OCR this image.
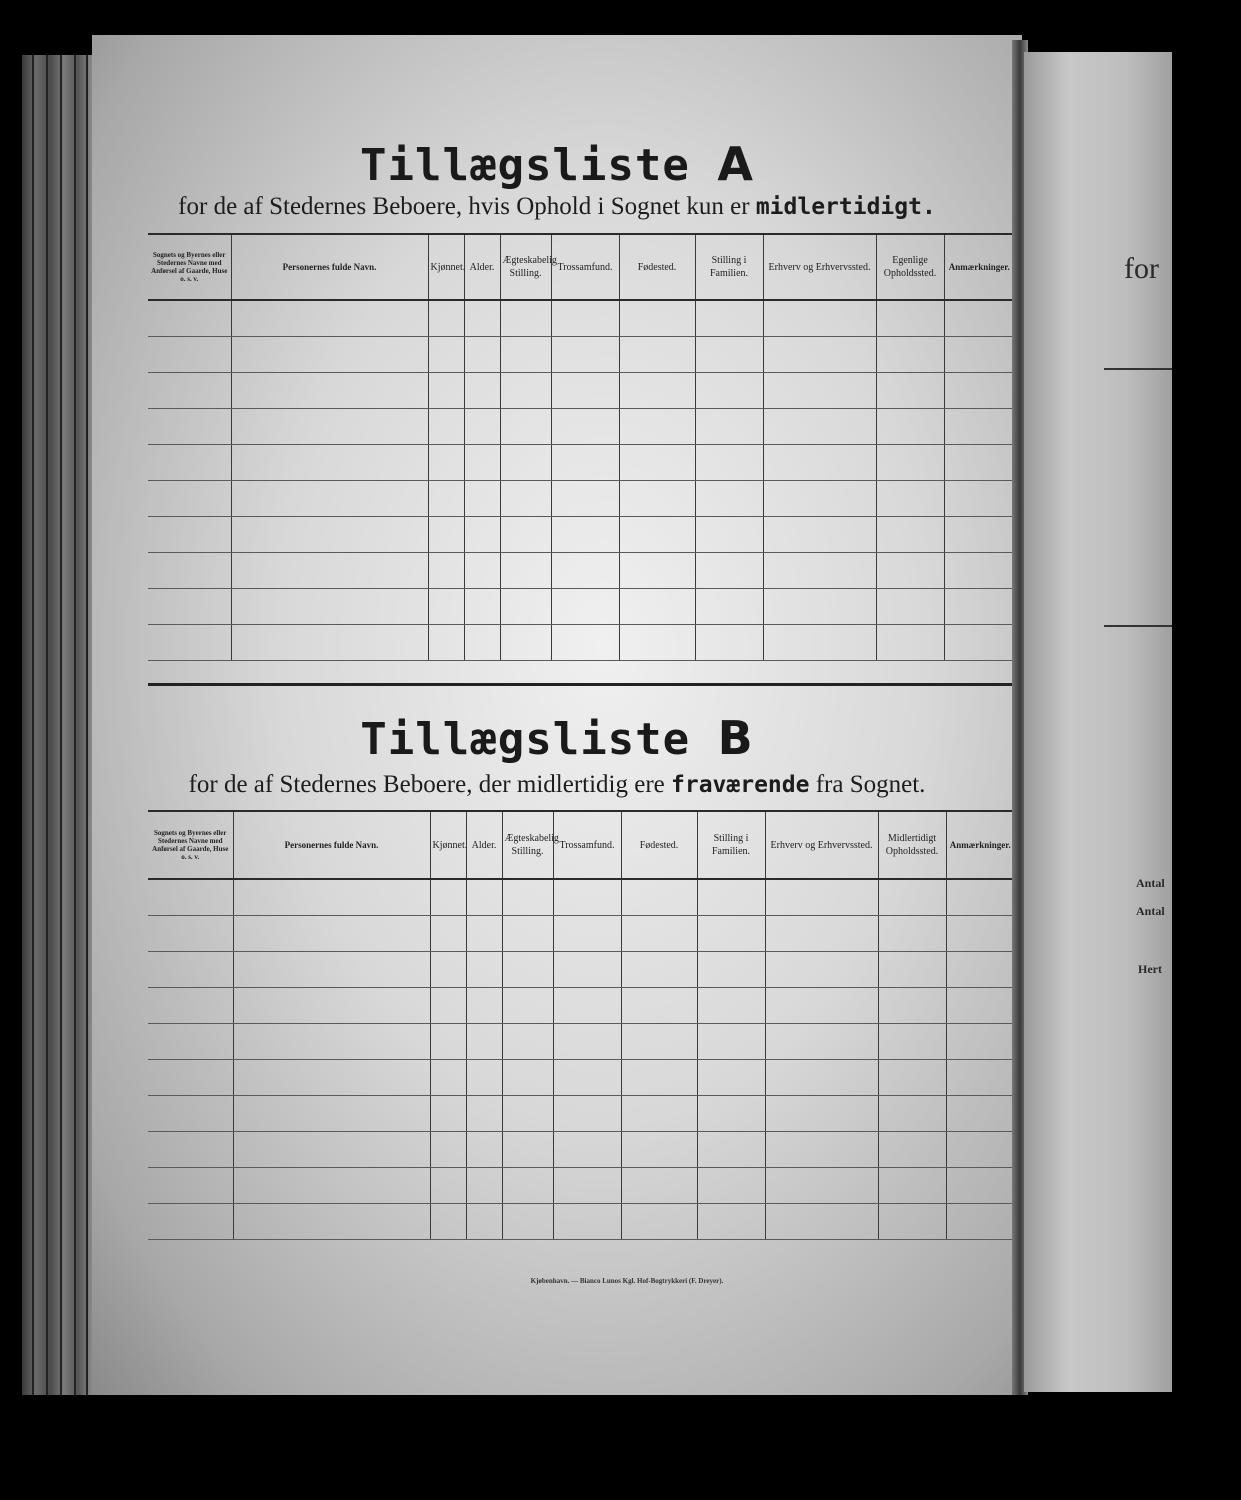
Tillægsliste A
for de af Stedernes Beboere, hvis Ophold i Sognet kun er midlertidigt.
Sognets og Byernes eller Stedernes Navne med Anførsel af Gaarde, Huse o. s. v.	Personernes fulde Navn.	Kjønnet.	Alder.	Ægteskabelig Stilling.	Trossamfund.	Fødested.	Stilling i Familien.	Erhverv og Erhvervssted.	Egenlige Opholdssted.	Anmærkninger.

Tillægsliste B
for de af Stedernes Beboere, der midlertidig ere fraværende fra Sognet.
Sognets og Byernes eller Stedernes Navne med Anførsel af Gaarde, Huse o. s. v.	Personernes fulde Navn.	Kjønnet.	Alder.	Ægteskabelig Stilling.	Trossamfund.	Fødested.	Stilling i Familien.	Erhverv og Erhvervssted.	Midlertidigt Opholdssted.	Anmærkninger.

Kjøbenhavn. — Bianco Lunos Kgl. Hof-Bogtrykkeri (F. Dreyer).
for
Antal
Antal
Hert
